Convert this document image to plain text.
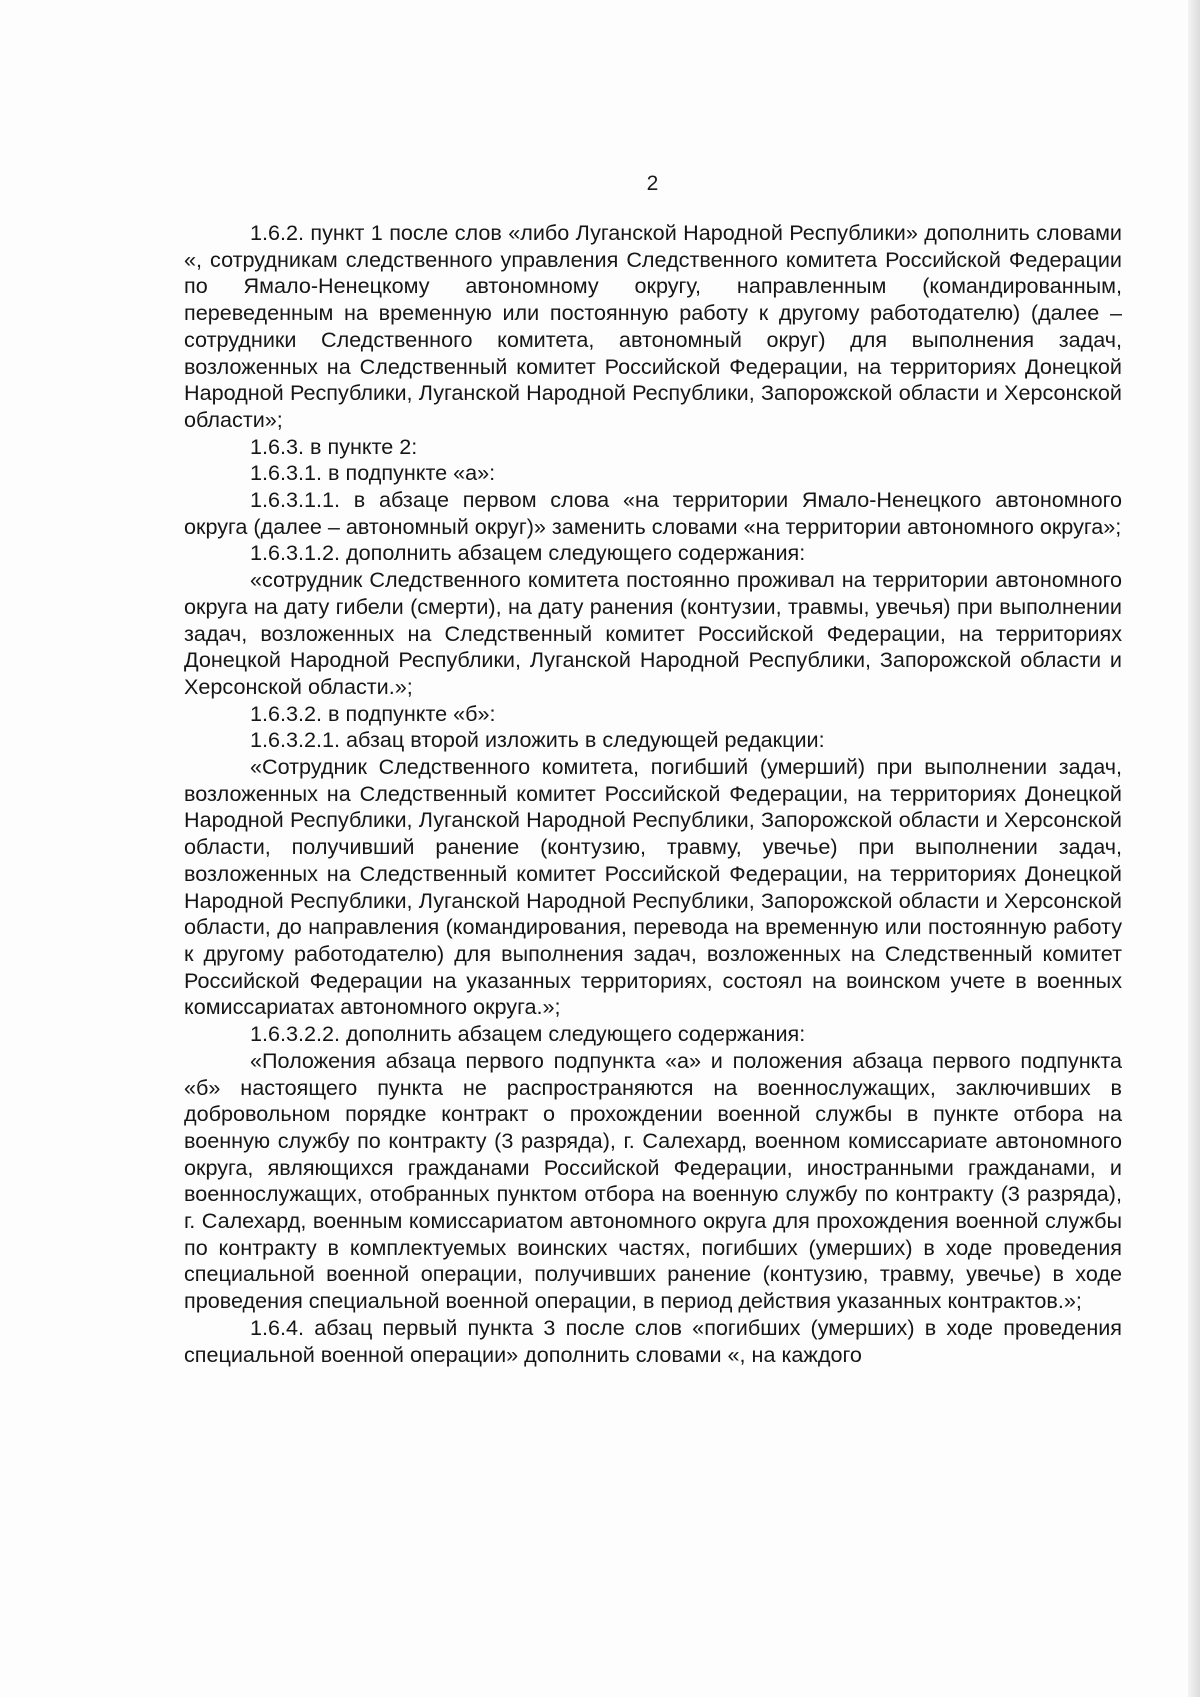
2

1.6.2. пункт 1 после слов «либо Луганской Народной Республики» дополнить словами «, сотрудникам следственного управления Следственного комитета Российской Федерации по Ямало-Ненецкому автономному округу, направленным (командированным, переведенным на временную или постоянную работу к другому работодателю) (далее – сотрудники Следственного комитета, автономный округ) для выполнения задач, возложенных на Следственный комитет Российской Федерации, на территориях Донецкой Народной Республики, Луганской Народной Республики, Запорожской области и Херсонской области»;

1.6.3. в пункте 2:

1.6.3.1. в подпункте «а»:

1.6.3.1.1. в абзаце первом слова «на территории Ямало-Ненецкого автономного округа (далее – автономный округ)» заменить словами «на территории автономного округа»;

1.6.3.1.2. дополнить абзацем следующего содержания:

«сотрудник Следственного комитета постоянно проживал на территории автономного округа на дату гибели (смерти), на дату ранения (контузии, травмы, увечья) при выполнении задач, возложенных на Следственный комитет Российской Федерации, на территориях Донецкой Народной Республики, Луганской Народной Республики, Запорожской области и Херсонской области.»;

1.6.3.2. в подпункте «б»:

1.6.3.2.1. абзац второй изложить в следующей редакции:

«Сотрудник Следственного комитета, погибший (умерший) при выполнении задач, возложенных на Следственный комитет Российской Федерации, на территориях Донецкой Народной Республики, Луганской Народной Республики, Запорожской области и Херсонской области, получивший ранение (контузию, травму, увечье) при выполнении задач, возложенных на Следственный комитет Российской Федерации, на территориях Донецкой Народной Республики, Луганской Народной Республики, Запорожской области и Херсонской области, до направления (командирования, перевода на временную или постоянную работу к другому работодателю) для выполнения задач, возложенных на Следственный комитет Российской Федерации на указанных территориях, состоял на воинском учете в военных комиссариатах автономного округа.»;

1.6.3.2.2. дополнить абзацем следующего содержания:

«Положения абзаца первого подпункта «а» и положения абзаца первого подпункта «б» настоящего пункта не распространяются на военнослужащих, заключивших в добровольном порядке контракт о прохождении военной службы в пункте отбора на военную службу по контракту (3 разряда), г. Салехард, военном комиссариате автономного округа, являющихся гражданами Российской Федерации, иностранными гражданами, и военнослужащих, отобранных пунктом отбора на военную службу по контракту (3 разряда), г. Салехард, военным комиссариатом автономного округа для прохождения военной службы по контракту в комплектуемых воинских частях, погибших (умерших) в ходе проведения специальной военной операции, получивших ранение (контузию, травму, увечье) в ходе проведения специальной военной операции, в период действия указанных контрактов.»;

1.6.4. абзац первый пункта 3 после слов «погибших (умерших) в ходе проведения специальной военной операции» дополнить словами «, на каждого
